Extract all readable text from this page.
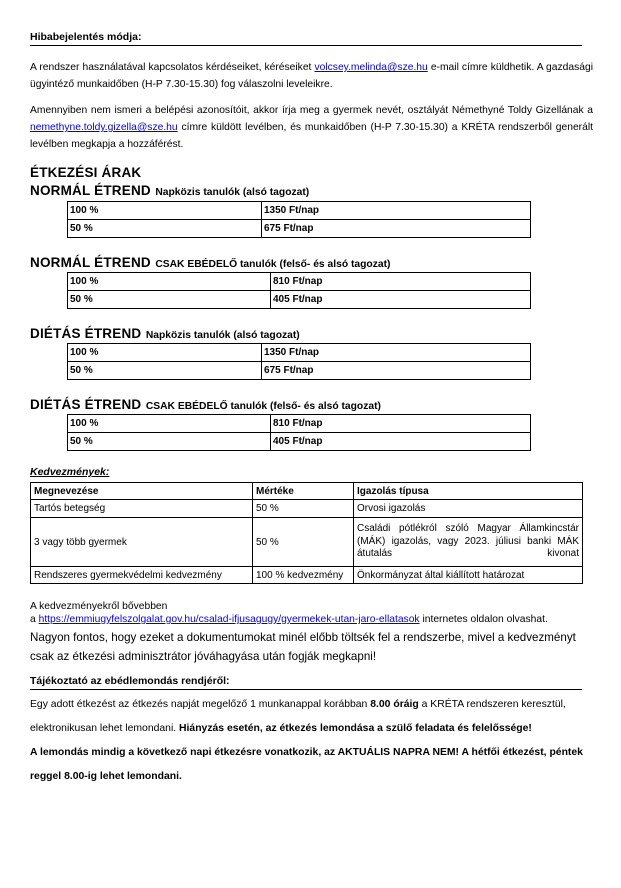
Hibabejelentés módja:

A rendszer használatával kapcsolatos kérdéseiket, kéréseiket volcsey.melinda@sze.hu e-mail címre küldhetik. A gazdasági ügyintéző munkaidőben (H-P 7.30-15.30) fog válaszolni leveleikre.

Amennyiben nem ismeri a belépési azonosítóit, akkor írja meg a gyermek nevét, osztályát Némethyné Toldy Gizellának a nemethyne.toldy.gizella@sze.hu címre küldött levélben, és munkaidőben (H-P 7.30-15.30) a KRÉTA rendszerből generált levélben megkapja a hozzáférést.

ÉTKEZÉSI ÁRAK
NORMÁL ÉTREND Napközis tanulók (alsó tagozat)
100 %	1350 Ft/nap
50 %	675 Ft/nap
NORMÁL ÉTREND CSAK EBÉDELŐ tanulók (felső- és alsó tagozat)
100 %	810 Ft/nap
50 %	405 Ft/nap
DIÉTÁS ÉTREND Napközis tanulók (alsó tagozat)
100 %	1350 Ft/nap
50 %	675 Ft/nap
DIÉTÁS ÉTREND CSAK EBÉDELŐ tanulók (felső- és alsó tagozat)
100 %	810 Ft/nap
50 %	405 Ft/nap
Kedvezmények:
Megnevezése	Mértéke	Igazolás típusa
Tartós betegség	50 %	Orvosi igazolás
3 vagy több gyermek	50 %	Családi pótlékról szóló Magyar Államkincstár (MÁK) igazolás, vagy 2023. júliusi banki MÁK átutalás kivonat
Rendszeres gyermekvédelmi kedvezmény	100 % kedvezmény	Önkormányzat által kiállított határozat
A kedvezményekről bővebben
a https://emmiugyfelszolgalat.gov.hu/csalad-ifjusagugy/gyermekek-utan-jaro-ellatasok internetes oldalon olvashat.

Nagyon fontos, hogy ezeket a dokumentumokat minél előbb töltsék fel a rendszerbe, mivel a kedvezményt csak az étkezési adminisztrátor jóváhagyása után fogják megkapni!

Tájékoztató az ebédlemondás rendjéről:

Egy adott étkezést az étkezés napját megelőző 1 munkanappal korábban 8.00 óráig a KRÉTA rendszeren keresztül, elektronikusan lehet lemondani. Hiányzás esetén, az étkezés lemondása a szülő feladata és felelőssége!

A lemondás mindig a következő napi étkezésre vonatkozik, az AKTUÁLIS NAPRA NEM! A hétfői étkezést, péntek reggel 8.00-ig lehet lemondani.
